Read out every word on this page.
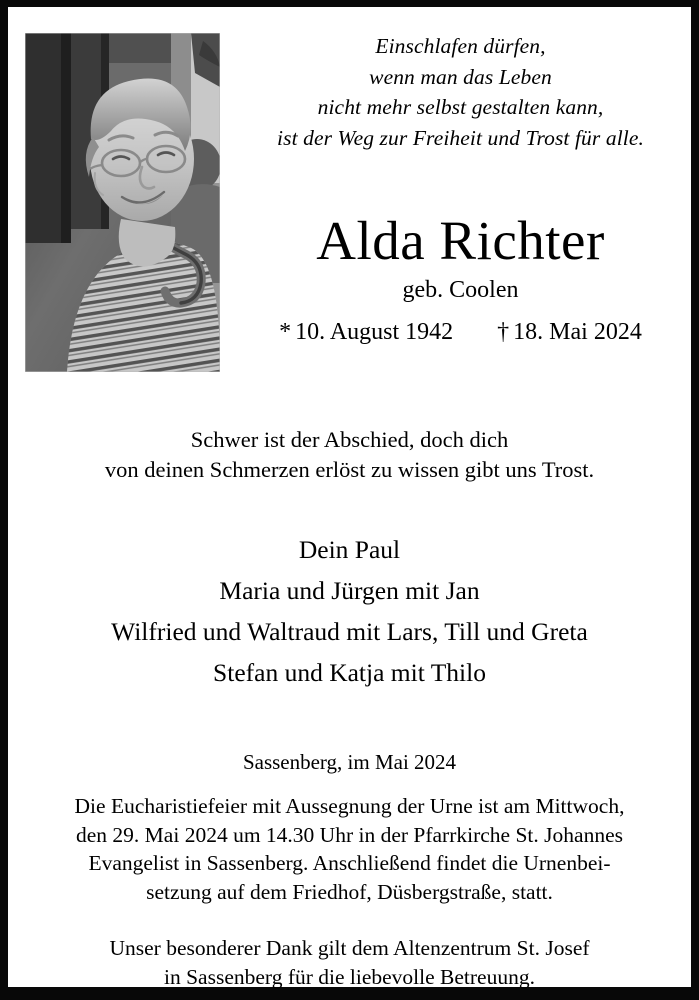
Einschlafen dürfen,
wenn man das Leben
nicht mehr selbst gestalten kann,
ist der Weg zur Freiheit und Trost für alle.
Alda Richter
geb. Coolen
* 10. August 1942 † 18. Mai 2024
Schwer ist der Abschied, doch dich
von deinen Schmerzen erlöst zu wissen gibt uns Trost.
Dein Paul
Maria und Jürgen mit Jan
Wilfried und Waltraud mit Lars, Till und Greta
Stefan und Katja mit Thilo
Sassenberg, im Mai 2024
Die Eucharistiefeier mit Aussegnung der Urne ist am Mittwoch,
den 29. Mai 2024 um 14.30 Uhr in der Pfarrkirche St. Johannes
Evangelist in Sassenberg. Anschließend findet die Urnenbei-
setzung auf dem Friedhof, Düsbergstraße, statt.
Unser besonderer Dank gilt dem Altenzentrum St. Josef
in Sassenberg für die liebevolle Betreuung.
